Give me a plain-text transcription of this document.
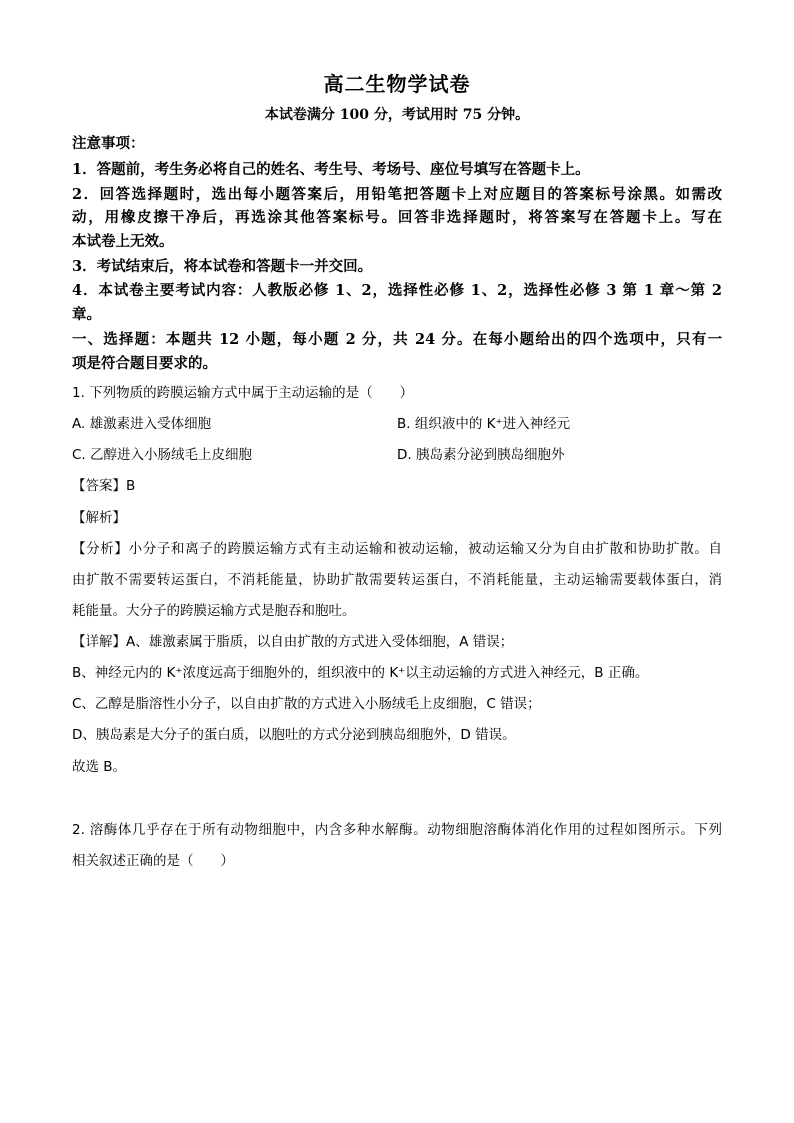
高二生物学试卷
本试卷满分 100 分，考试用时 75 分钟。
注意事项：
1．答题前，考生务必将自己的姓名、考生号、考场号、座位号填写在答题卡上。
2．回答选择题时，选出每小题答案后，用铅笔把答题卡上对应题目的答案标号涂黑。如需改
动，用橡皮擦干净后，再选涂其他答案标号。回答非选择题时，将答案写在答题卡上。写在
本试卷上无效。
3．考试结束后，将本试卷和答题卡一并交回。
4．本试卷主要考试内容：人教版必修 1、2，选择性必修 1、2，选择性必修 3 第 1 章～第 2
章。
一、选择题：本题共 12 小题，每小题 2 分，共 24 分。在每小题给出的四个选项中，只有一
项是符合题目要求的。
1. 下列物质的跨膜运输方式中属于主动运输的是（　　）
A. 雄激素进入受体细胞	B. 组织液中的 K⁺进入神经元
C. 乙醇进入小肠绒毛上皮细胞	D. 胰岛素分泌到胰岛细胞外
【答案】B
【解析】
【分析】小分子和离子的跨膜运输方式有主动运输和被动运输，被动运输又分为自由扩散和协助扩散。自
由扩散不需要转运蛋白，不消耗能量，协助扩散需要转运蛋白，不消耗能量，主动运输需要载体蛋白，消
耗能量。大分子的跨膜运输方式是胞吞和胞吐。
【详解】A、雄激素属于脂质，以自由扩散的方式进入受体细胞，A 错误；
B、神经元内的 K⁺浓度远高于细胞外的，组织液中的 K⁺以主动运输的方式进入神经元，B 正确。
C、乙醇是脂溶性小分子，以自由扩散的方式进入小肠绒毛上皮细胞，C 错误；
D、胰岛素是大分子的蛋白质，以胞吐的方式分泌到胰岛细胞外，D 错误。
故选 B。
2. 溶酶体几乎存在于所有动物细胞中，内含多种水解酶。动物细胞溶酶体消化作用的过程如图所示。下列
相关叙述正确的是（　　）
